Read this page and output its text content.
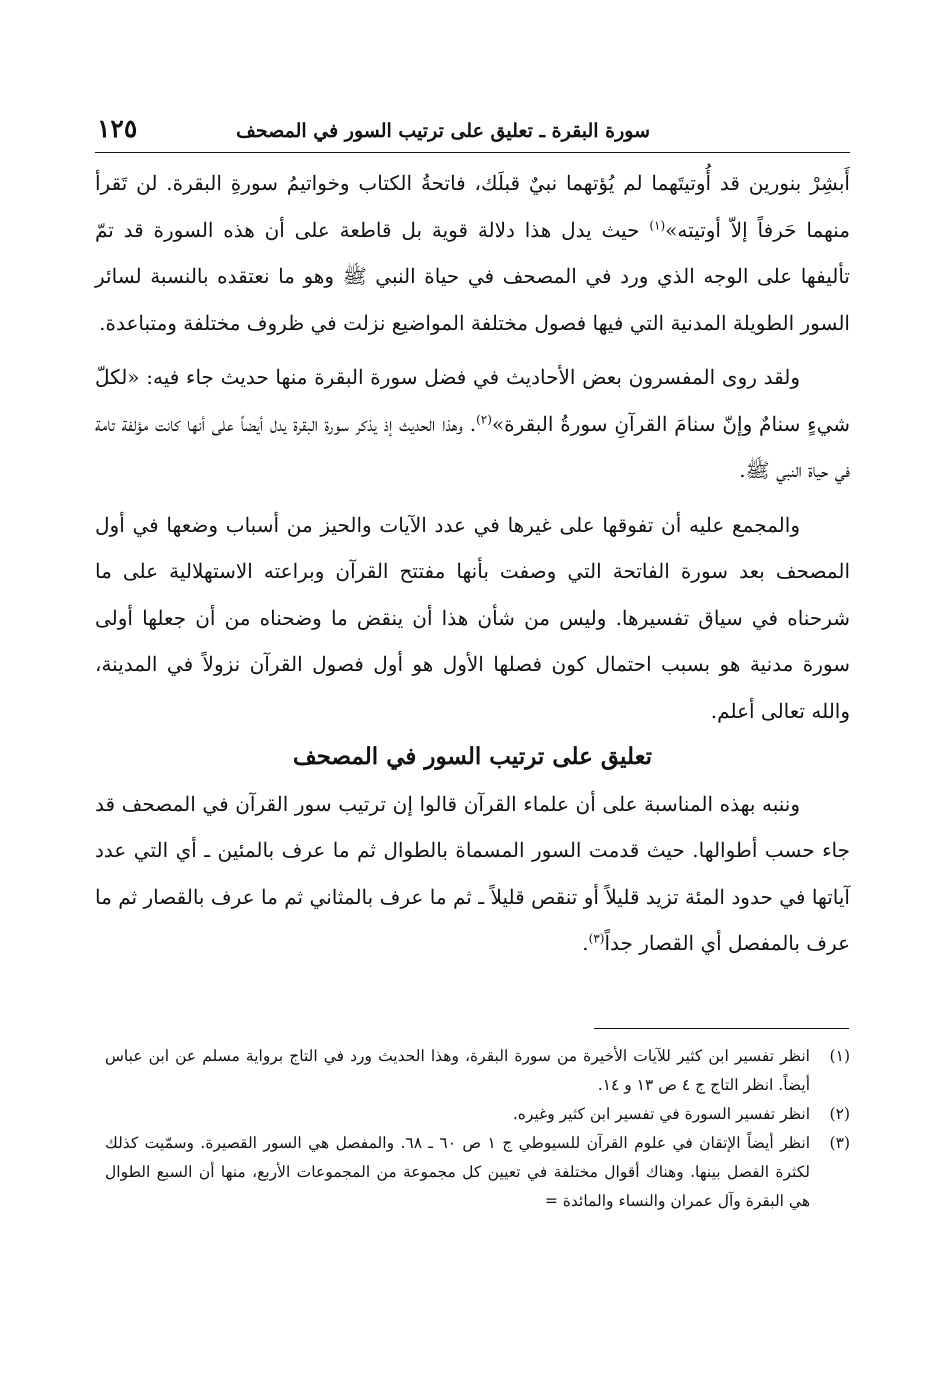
سورة البقرة ـ تعليق على ترتيب السور في المصحف
١٢٥

أَبشِرْ بنورين قد أُوتيتَهما لم يُؤتهما نبيٌ قبلَك، فاتحةُ الكتاب وخواتيمُ سورةِ البقرة. لن تَقرأ منهما حَرفاً إلاّ أوتيته»$^{(١)}$ حيث يدل هذا دلالة قوية بل قاطعة على أن هذه السورة قد تمّ تأليفها على الوجه الذي ورد في المصحف في حياة النبي ﷺ وهو ما نعتقده بالنسبة لسائر السور الطويلة المدنية التي فيها فصول مختلفة المواضيع نزلت في ظروف مختلفة ومتباعدة.

ولقد روى المفسرون بعض الأحاديث في فضل سورة البقرة منها حديث جاء فيه: «لكلّ شيءٍ سنامٌ وإنّ سنامَ القرآنِ سورةُ البقرة»$^{(٢)}$. وهذا الحديث إذ يذكر سورة البقرة يدل أيضاً على أنها كانت مؤلفة تامة في حياة النبي ﷺ.

والمجمع عليه أن تفوقها على غيرها في عدد الآيات والحيز من أسباب وضعها في أول المصحف بعد سورة الفاتحة التي وصفت بأنها مفتتح القرآن وبراعته الاستهلالية على ما شرحناه في سياق تفسيرها. وليس من شأن هذا أن ينقض ما وضحناه من أن جعلها أولى سورة مدنية هو بسبب احتمال كون فصلها الأول هو أول فصول القرآن نزولاً في المدينة، والله تعالى أعلم.

تعليق على ترتيب السور في المصحف

وننبه بهذه المناسبة على أن علماء القرآن قالوا إن ترتيب سور القرآن في المصحف قد جاء حسب أطوالها. حيث قدمت السور المسماة بالطوال ثم ما عرف بالمئين ـ أي التي عدد آياتها في حدود المئة تزيد قليلاً أو تنقص قليلاً ـ ثم ما عرف بالمثاني ثم ما عرف بالقصار ثم ما عرف بالمفصل أي القصار جداً$^{(٣)}$.

(١)
انظر تفسير ابن كثير للآيات الأخيرة من سورة البقرة، وهذا الحديث ورد في التاج برواية مسلم عن ابن عباس أيضاً. انظر التاج ج ٤ ص ١٣ و ١٤.
(٢)
انظر تفسير السورة في تفسير ابن كثير وغيره.
(٣)
انظر أيضاً الإتقان في علوم القرآن للسيوطي ج ١ ص ٦٠ ـ ٦٨. والمفصل هي السور القصيرة. وسمّيت كذلك لكثرة الفصل بينها. وهناك أقوال مختلفة في تعيين كل مجموعة من المجموعات الأربع، منها أن السبع الطوال هي البقرة وآل عمران والنساء والمائدة =
